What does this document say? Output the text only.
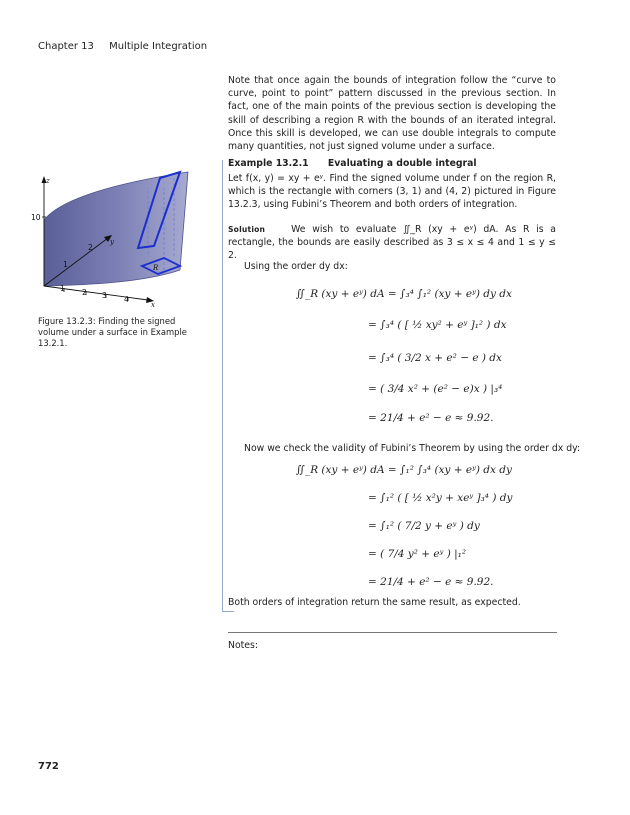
Chapter 13 Multiple Integration
Note that once again the bounds of integration follow the “curve to curve, point to point” pattern discussed in the previous section. In fact, one of the main points of the previous section is developing the skill of describing a region R with the bounds of an iterated integral. Once this skill is developed, we can use double integrals to compute many quantities, not just signed volume under a surface.
Example 13.2.1 Evaluating a double integral
Let f(x, y) = xy + eʸ. Find the signed volume under f on the region R, which is the rectangle with corners (3, 1) and (4, 2) pictured in Figure 13.2.3, using Fubini’s Theorem and both orders of integration.
Solution	We wish to evaluate ∬_R (xy + eʸ) dA. As R is a rectangle, the bounds are easily described as 3 ≤ x ≤ 4 and 1 ≤ y ≤ 2.
Using the order dy dx:
∬_R (xy + eʸ) dA = ∫₃⁴ ∫₁² (xy + eʸ) dy dx
= ∫₃⁴ ( [ ½ xy² + eʸ ]₁² ) dx
= ∫₃⁴ ( 3/2 x + e² − e ) dx
= ( 3/4 x² + (e² − e)x ) |₃⁴
= 21/4 + e² − e ≈ 9.92.
Now we check the validity of Fubini’s Theorem by using the order dx dy:
∬_R (xy + eʸ) dA = ∫₁² ∫₃⁴ (xy + eʸ) dx dy
= ∫₁² ( [ ½ x²y + xeʸ ]₃⁴ ) dy
= ∫₁² ( 7/2 y + eʸ ) dy
= ( 7/4 y² + eʸ ) |₁²
Both orders of integration return the same result, as expected.
Notes:
z
y
x
10
1
2
1 2 3 4
R
Figure 13.2.3: Finding the signed volume under a surface in Example 13.2.1.
772
= 21/4 + e² − e ≈ 9.92.
